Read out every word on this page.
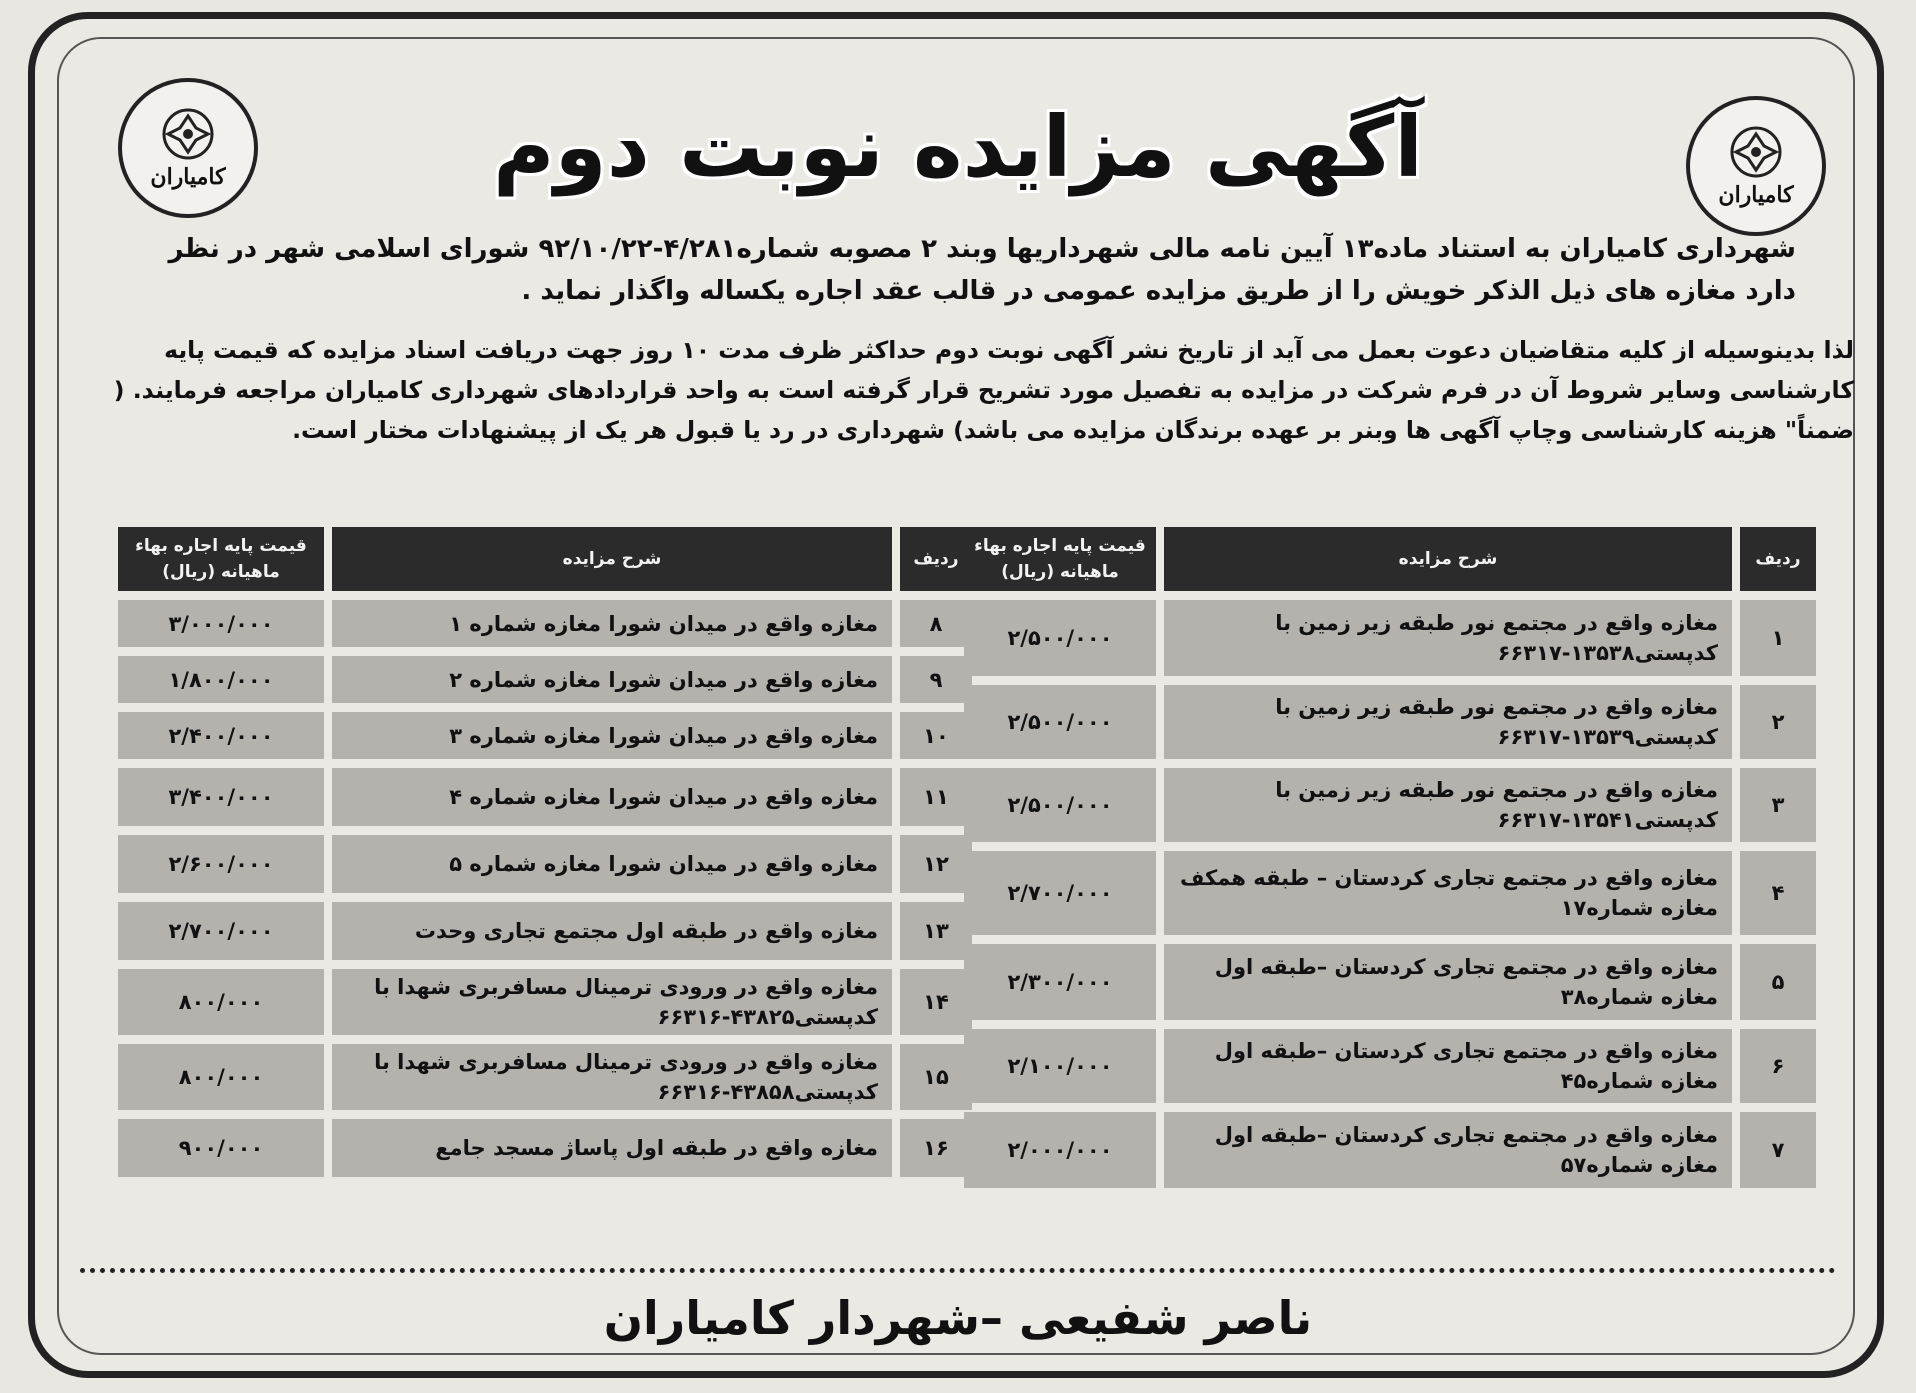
کامیاران
کامیاران	آگهی مزایده نوبت دوم
شهرداری کامیاران به استناد ماده۱۳ آیین نامه مالی شهرداریها وبند ۲ مصوبه شماره۴/۲۸۱-۹۲/۱۰/۲۲ شورای اسلامی شهر در نظر دارد مغازه های ذیل الذکر خویش را از طریق مزایده عمومی در قالب عقد اجاره یکساله واگذار نماید .
لذا بدینوسیله از کلیه متقاضیان دعوت بعمل می آید از تاریخ نشر آگهی نوبت دوم حداکثر ظرف مدت ۱۰ روز جهت دریافت اسناد مزایده که قیمت پایه کارشناسی وسایر شروط آن در فرم شرکت در مزایده به تفصیل مورد تشریح قرار گرفته است به واحد قراردادهای شهرداری کامیاران مراجعه فرمایند. ( ضمناً" هزینه کارشناسی وچاپ آگهی ها وبنر بر عهده برندگان مزایده می باشد) شهرداری در رد یا قبول هر یک از پیشنهادات مختار است.
ردیف	شرح مزایده	قیمت پایه اجاره بهاء ماهیانه (ریال)
۱	مغازه واقع در مجتمع نور طبقه زیر زمین با کدپستی۱۳۵۳۸-۶۶۳۱۷	۲/۵۰۰/۰۰۰
۲	مغازه واقع در مجتمع نور طبقه زیر زمین با کدپستی۱۳۵۳۹-۶۶۳۱۷	۲/۵۰۰/۰۰۰
۳	مغازه واقع در مجتمع نور طبقه زیر زمین با کدپستی۱۳۵۴۱-۶۶۳۱۷	۲/۵۰۰/۰۰۰
۴	مغازه واقع در مجتمع تجاری کردستان – طبقه همکف مغازه شماره۱۷	۲/۷۰۰/۰۰۰
۵	مغازه واقع در مجتمع تجاری کردستان –طبقه اول مغازه شماره۳۸	۲/۳۰۰/۰۰۰
۶	مغازه واقع در مجتمع تجاری کردستان –طبقه اول مغازه شماره۴۵	۲/۱۰۰/۰۰۰
۷	مغازه واقع در مجتمع تجاری کردستان –طبقه اول مغازه شماره۵۷	۲/۰۰۰/۰۰۰
ردیف	شرح مزایده	قیمت پایه اجاره بهاء ماهیانه (ریال)
۸	مغازه واقع در میدان شورا مغازه شماره ۱	۳/۰۰۰/۰۰۰
۹	مغازه واقع در میدان شورا مغازه شماره ۲	۱/۸۰۰/۰۰۰
۱۰	مغازه واقع در میدان شورا مغازه شماره ۳	۲/۴۰۰/۰۰۰
۱۱	مغازه واقع در میدان شورا مغازه شماره ۴	۳/۴۰۰/۰۰۰
۱۲	مغازه واقع در میدان شورا مغازه شماره ۵	۲/۶۰۰/۰۰۰
۱۳	مغازه واقع در طبقه اول مجتمع تجاری وحدت	۲/۷۰۰/۰۰۰
۱۴	مغازه واقع در ورودی ترمینال مسافربری شهدا با کدپستی۴۳۸۲۵-۶۶۳۱۶	۸۰۰/۰۰۰
۱۵	مغازه واقع در ورودی ترمینال مسافربری شهدا با کدپستی۴۳۸۵۸-۶۶۳۱۶	۸۰۰/۰۰۰
۱۶	مغازه واقع در طبقه اول پاساژ مسجد جامع	۹۰۰/۰۰۰
ناصر شفیعی –شهردار کامیاران
